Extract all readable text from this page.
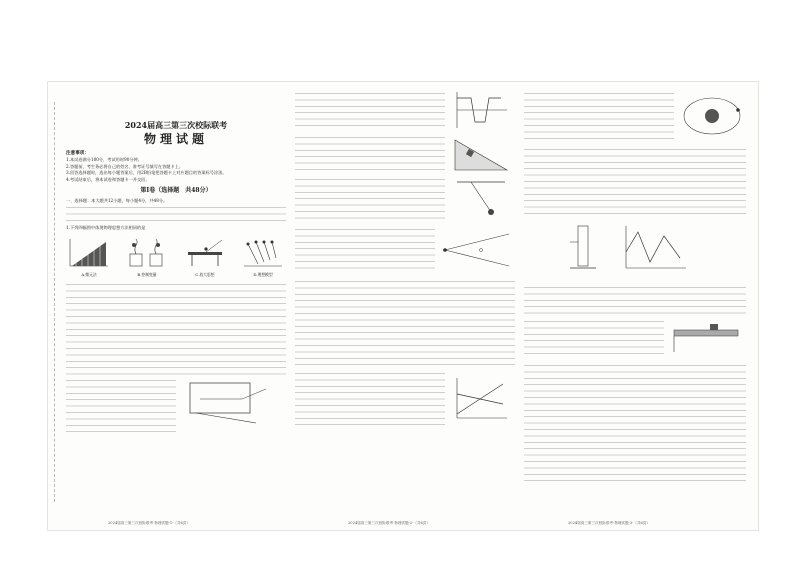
2024届高三第三次校际联考
物理试题
注意事项：
1.本试卷满分100分，考试用时90分钟。
2.答题前，考生务必将自己的姓名、准考证号填写在答题卡上。
3.回答选择题时，选出每小题答案后，用2B铅笔把答题卡上对应题目的答案标号涂黑。
4.考试结束后，将本试卷和答题卡一并交回。
第Ⅰ卷（选择题　共48分）
一、选择题：本大题共12小题，每小题4分，共48分。
1.下列四幅图中体现物理思想方法相同的是
A.微元法	B.控制变量	C.放大思想	D.理想模型
2024届高三第三次校际联考·物理试题-1-（共6页）	2024届高三第三次校际联考·物理试题-2-（共6页）	2024届高三第三次校际联考·物理试题-3-（共6页）
